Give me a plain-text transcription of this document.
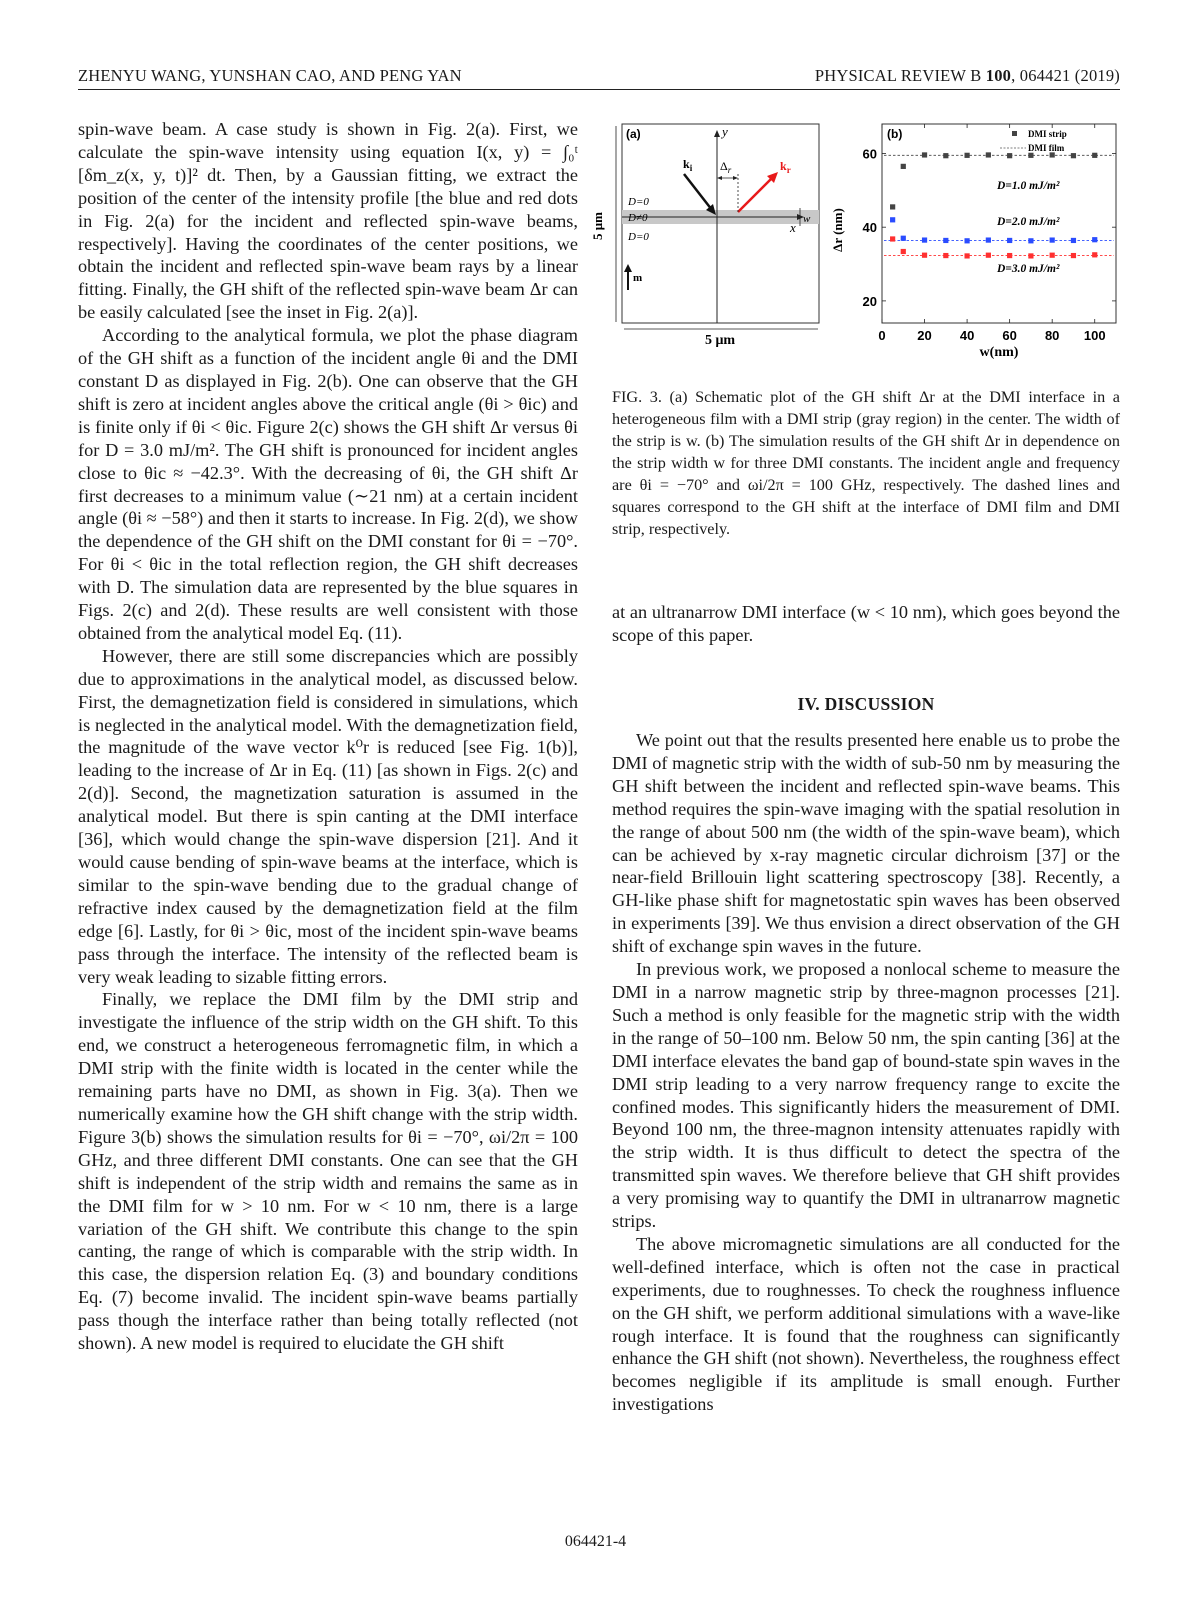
ZHENYU WANG, YUNSHAN CAO, AND PENG YAN	PHYSICAL REVIEW B 100, 064421 (2019)

spin-wave beam. A case study is shown in Fig. 2(a). First, we calculate the spin-wave intensity using equation I(x, y) = ∫₀ᵗ [δm_z(x, y, t)]² dt. Then, by a Gaussian fitting, we extract the position of the center of the intensity profile [the blue and red dots in Fig. 2(a) for the incident and reflected spin-wave beams, respectively]. Having the coordinates of the center positions, we obtain the incident and reflected spin-wave beam rays by a linear fitting. Finally, the GH shift of the reflected spin-wave beam Δr can be easily calculated [see the inset in Fig. 2(a)].

According to the analytical formula, we plot the phase diagram of the GH shift as a function of the incident angle θi and the DMI constant D as displayed in Fig. 2(b). One can observe that the GH shift is zero at incident angles above the critical angle (θi > θic) and is finite only if θi < θic. Figure 2(c) shows the GH shift Δr versus θi for D = 3.0 mJ/m². The GH shift is pronounced for incident angles close to θic ≈ −42.3°. With the decreasing of θi, the GH shift Δr first decreases to a minimum value (∼21 nm) at a certain incident angle (θi ≈ −58°) and then it starts to increase. In Fig. 2(d), we show the dependence of the GH shift on the DMI constant for θi = −70°. For θi < θic in the total reflection region, the GH shift decreases with D. The simulation data are represented by the blue squares in Figs. 2(c) and 2(d). These results are well consistent with those obtained from the analytical model Eq. (11).

However, there are still some discrepancies which are possibly due to approximations in the analytical model, as discussed below. First, the demagnetization field is considered in simulations, which is neglected in the analytical model. With the demagnetization field, the magnitude of the wave vector k⁰r is reduced [see Fig. 1(b)], leading to the increase of Δr in Eq. (11) [as shown in Figs. 2(c) and 2(d)]. Second, the magnetization saturation is assumed in the analytical model. But there is spin canting at the DMI interface [36], which would change the spin-wave dispersion [21]. And it would cause bending of spin-wave beams at the interface, which is similar to the spin-wave bending due to the gradual change of refractive index caused by the demagnetization field at the film edge [6]. Lastly, for θi > θic, most of the incident spin-wave beams pass through the interface. The intensity of the reflected beam is very weak leading to sizable fitting errors.

Finally, we replace the DMI film by the DMI strip and investigate the influence of the strip width on the GH shift. To this end, we construct a heterogeneous ferromagnetic film, in which a DMI strip with the finite width is located in the center while the remaining parts have no DMI, as shown in Fig. 3(a). Then we numerically examine how the GH shift change with the strip width. Figure 3(b) shows the simulation results for θi = −70°, ωi/2π = 100 GHz, and three different DMI constants. One can see that the GH shift is independent of the strip width and remains the same as in the DMI film for w > 10 nm. For w < 10 nm, there is a large variation of the GH shift. We contribute this change to the spin canting, the range of which is comparable with the strip width. In this case, the dispersion relation Eq. (3) and boundary conditions Eq. (7) become invalid. The incident spin-wave beams partially pass though the interface rather than being totally reflected (not shown). A new model is required to elucidate the GH shift

(a)	y
x
$k_i$	$k_r$
$\Delta_r$
D=0
D≠0
D=0
w
m
5 μm
5 μm	0 20 40 60 80 100
20
40
60
(b)	DMI strip
DMI film
D=1.0 mJ/m²
D=2.0 mJ/m²
D=3.0 mJ/m²
Δr (nm)
w(nm)
FIG. 3. (a) Schematic plot of the GH shift Δr at the DMI interface in a heterogeneous film with a DMI strip (gray region) in the center. The width of the strip is w. (b) The simulation results of the GH shift Δr in dependence on the strip width w for three DMI constants. The incident angle and frequency are θi = −70° and ωi/2π = 100 GHz, respectively. The dashed lines and squares correspond to the GH shift at the interface of DMI film and DMI strip, respectively.
at an ultranarrow DMI interface (w < 10 nm), which goes beyond the scope of this paper.
IV. DISCUSSION

We point out that the results presented here enable us to probe the DMI of magnetic strip with the width of sub-50 nm by measuring the GH shift between the incident and reflected spin-wave beams. This method requires the spin-wave imaging with the spatial resolution in the range of about 500 nm (the width of the spin-wave beam), which can be achieved by x-ray magnetic circular dichroism [37] or the near-field Brillouin light scattering spectroscopy [38]. Recently, a GH-like phase shift for magnetostatic spin waves has been observed in experiments [39]. We thus envision a direct observation of the GH shift of exchange spin waves in the future.

In previous work, we proposed a nonlocal scheme to measure the DMI in a narrow magnetic strip by three-magnon processes [21]. Such a method is only feasible for the magnetic strip with the width in the range of 50–100 nm. Below 50 nm, the spin canting [36] at the DMI interface elevates the band gap of bound-state spin waves in the DMI strip leading to a very narrow frequency range to excite the confined modes. This significantly hiders the measurement of DMI. Beyond 100 nm, the three-magnon intensity attenuates rapidly with the strip width. It is thus difficult to detect the spectra of the transmitted spin waves. We therefore believe that GH shift provides a very promising way to quantify the DMI in ultranarrow magnetic strips.

The above micromagnetic simulations are all conducted for the well-defined interface, which is often not the case in practical experiments, due to roughnesses. To check the roughness influence on the GH shift, we perform additional simulations with a wave-like rough interface. It is found that the roughness can significantly enhance the GH shift (not shown). Nevertheless, the roughness effect becomes negligible if its amplitude is small enough. Further investigations

064421-4
